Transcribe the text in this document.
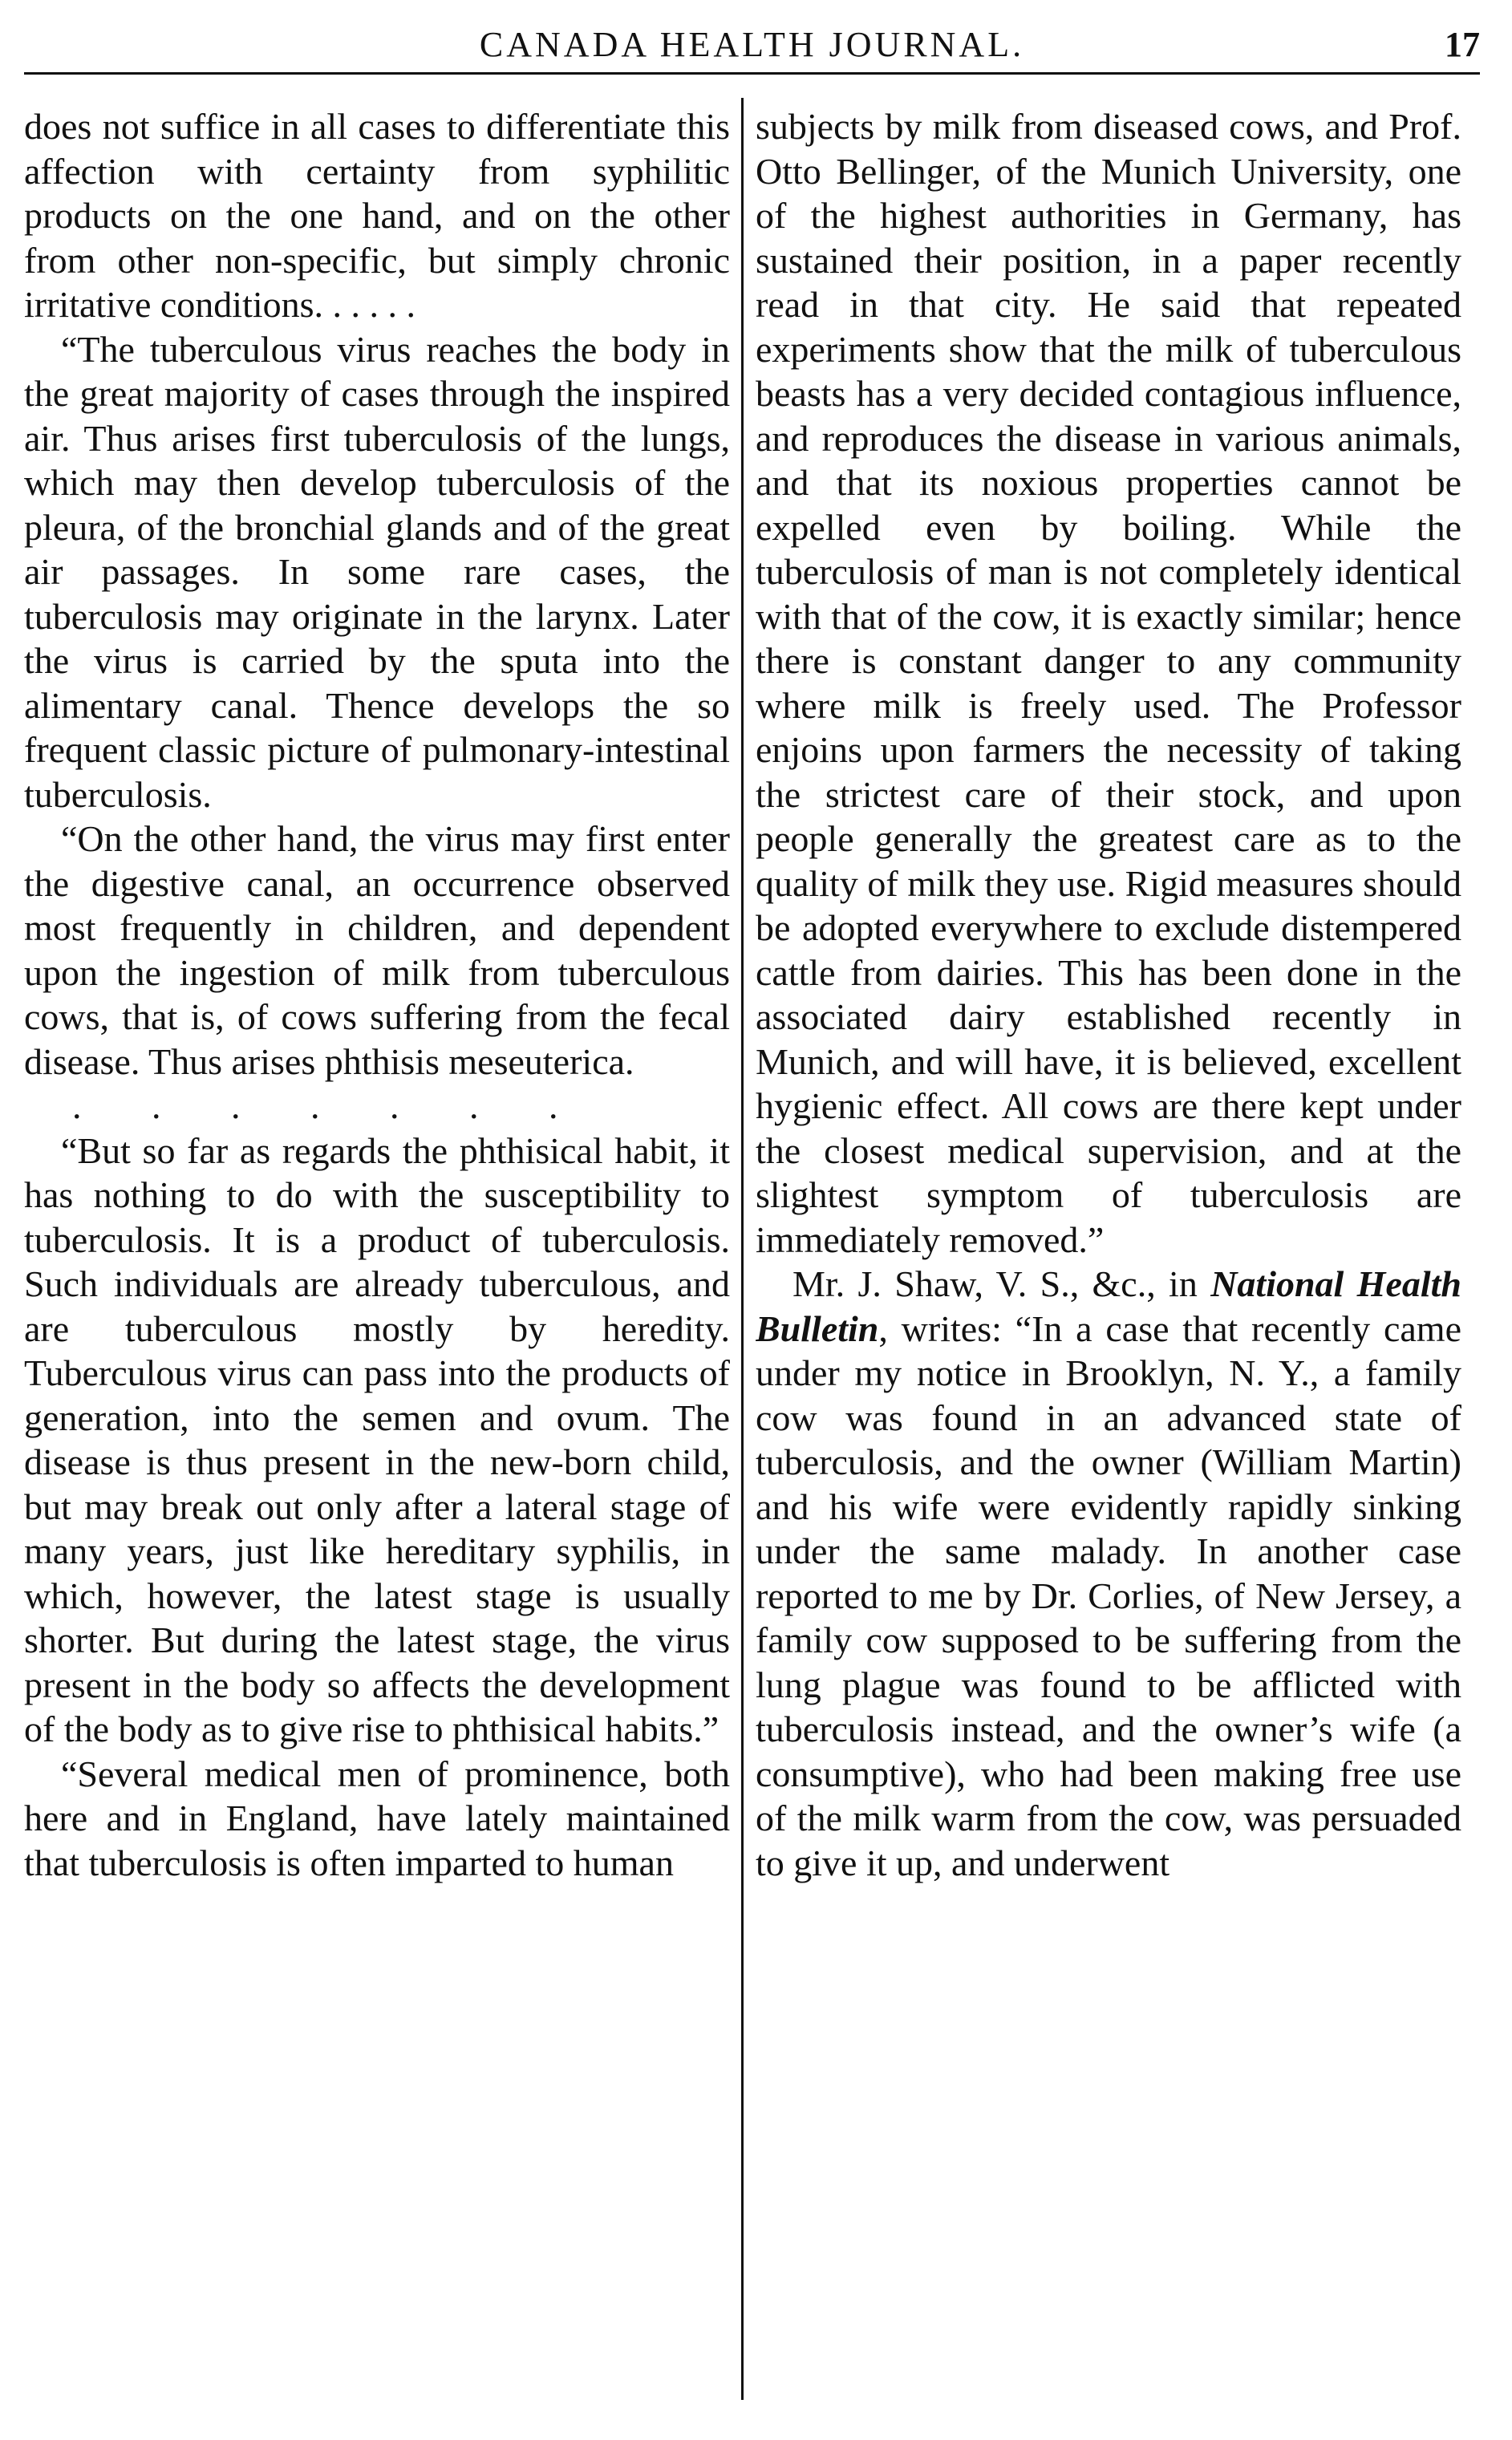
CANADA HEALTH JOURNAL.	17

does not suffice in all cases to differentiate this affection with certainty from syphilitic products on the one hand, and on the other from other non-specific, but simply chronic irritative conditions. . . . . .

“The tuberculous virus reaches the body in the great majority of cases through the inspired air. Thus arises first tuberculosis of the lungs, which may then develop tuberculosis of the pleura, of the bronchial glands and of the great air passages. In some rare cases, the tuberculosis may originate in the larynx. Later the virus is carried by the sputa into the alimentary canal. Thence develops the so frequent classic picture of pulmonary-intestinal tuberculosis.

“On the other hand, the virus may first enter the digestive canal, an occurrence observed most frequently in children, and dependent upon the ingestion of milk from tuberculous cows, that is, of cows suffering from the fecal disease. Thus arises phthisis meseuterica.

. . . . . . .

“But so far as regards the phthisical habit, it has nothing to do with the susceptibility to tuberculosis. It is a product of tuberculosis. Such individuals are already tuberculous, and are tuberculous mostly by heredity. Tuberculous virus can pass into the products of generation, into the semen and ovum. The disease is thus present in the new-born child, but may break out only after a lateral stage of many years, just like hereditary syphilis, in which, however, the latest stage is usually shorter. But during the latest stage, the virus present in the body so affects the development of the body as to give rise to phthisical habits.”

“Several medical men of prominence, both here and in England, have lately maintained that tuberculosis is often imparted to human

subjects by milk from diseased cows, and Prof. Otto Bellinger, of the Munich University, one of the highest authorities in Germany, has sustained their position, in a paper recently read in that city. He said that repeated experiments show that the milk of tuberculous beasts has a very decided contagious influence, and reproduces the disease in various animals, and that its noxious properties cannot be expelled even by boiling. While the tuberculosis of man is not completely identical with that of the cow, it is exactly similar; hence there is constant danger to any community where milk is freely used. The Professor enjoins upon farmers the necessity of taking the strictest care of their stock, and upon people generally the greatest care as to the quality of milk they use. Rigid measures should be adopted everywhere to exclude distempered cattle from dairies. This has been done in the associated dairy established recently in Munich, and will have, it is believed, excellent hygienic effect. All cows are there kept under the closest medical supervision, and at the slightest symptom of tuberculosis are immediately removed.”

Mr. J. Shaw, V. S., &c., in National Health Bulletin, writes: “In a case that recently came under my notice in Brooklyn, N. Y., a family cow was found in an advanced state of tuberculosis, and the owner (William Martin) and his wife were evidently rapidly sinking under the same malady. In another case reported to me by Dr. Corlies, of New Jersey, a family cow supposed to be suffering from the lung plague was found to be afflicted with tuberculosis instead, and the owner’s wife (a consumptive), who had been making free use of the milk warm from the cow, was persuaded to give it up, and underwent
